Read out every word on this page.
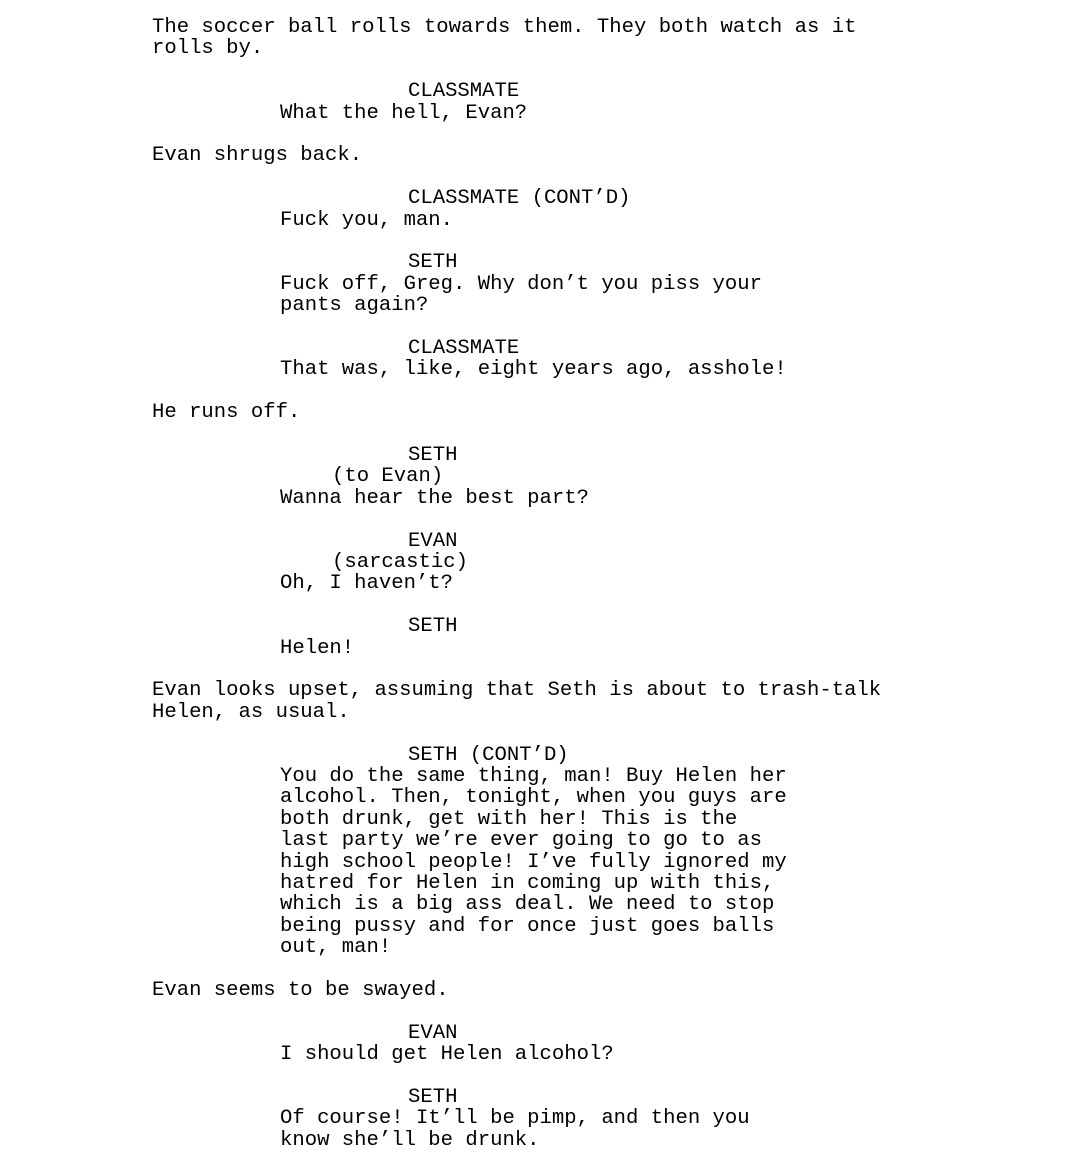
The soccer ball rolls towards them. They both watch as it
rolls by.
CLASSMATE
What the hell, Evan?
Evan shrugs back.
CLASSMATE (CONT’D)
Fuck you, man.
SETH
Fuck off, Greg. Why don’t you piss your
pants again?
CLASSMATE
That was, like, eight years ago, asshole!
He runs off.
SETH
(to Evan)
Wanna hear the best part?
EVAN
(sarcastic)
Oh, I haven’t?
SETH
Helen!
Evan looks upset, assuming that Seth is about to trash-talk
Helen, as usual.
SETH (CONT’D)
You do the same thing, man! Buy Helen her
alcohol. Then, tonight, when you guys are
both drunk, get with her! This is the
last party we’re ever going to go to as
high school people! I’ve fully ignored my
hatred for Helen in coming up with this,
which is a big ass deal. We need to stop
being pussy and for once just goes balls
out, man!
Evan seems to be swayed.
EVAN
I should get Helen alcohol?
SETH
Of course! It’ll be pimp, and then you
know she’ll be drunk.
